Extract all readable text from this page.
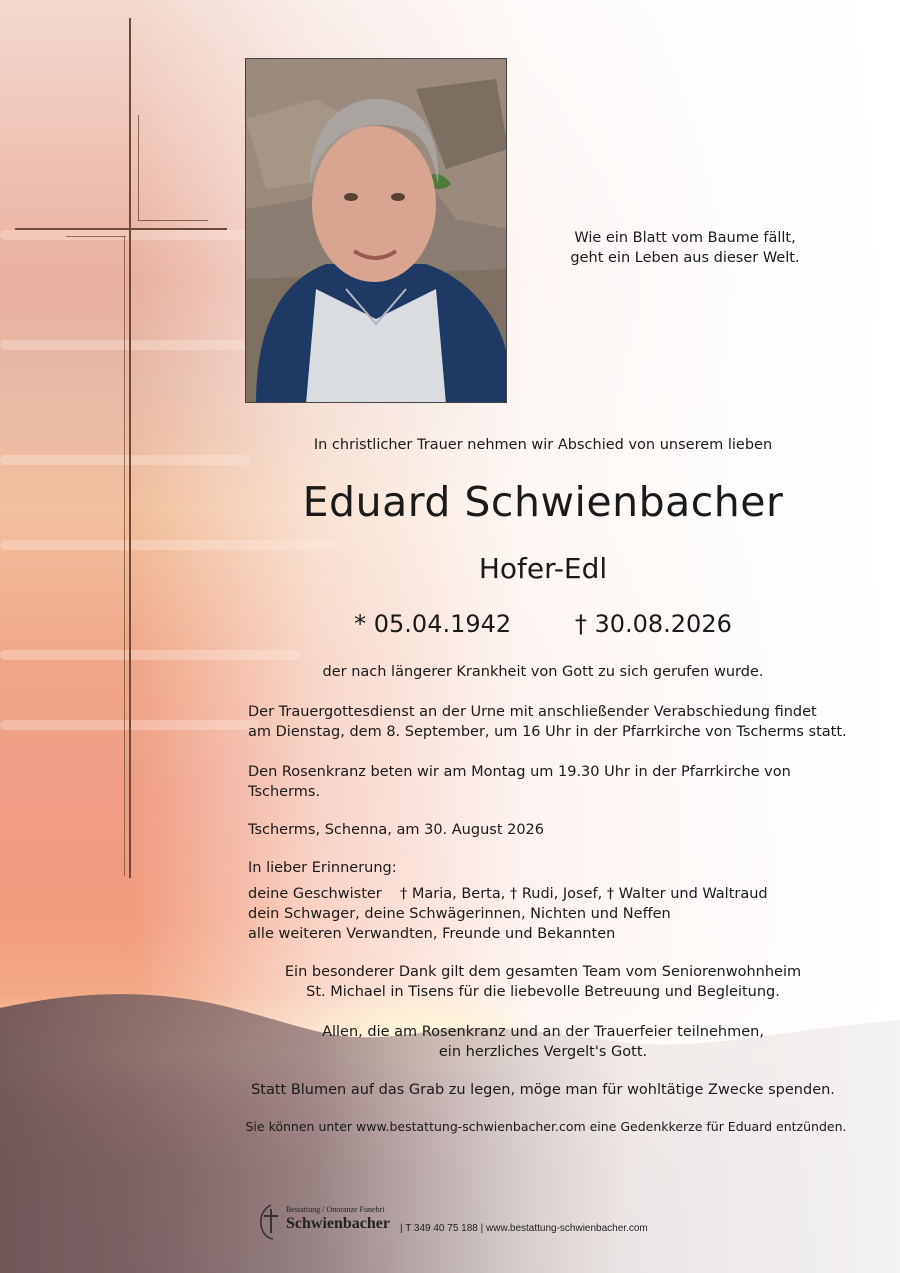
Wie ein Blatt vom Baume fällt,
geht ein Leben aus dieser Welt.
In christlicher Trauer nehmen wir Abschied von unserem lieben
Eduard Schwienbacher
Hofer-Edl
* 05.04.1942	† 30.08.2026
der nach längerer Krankheit von Gott zu sich gerufen wurde.
Der Trauergottesdienst an der Urne mit anschließender Verabschiedung findet
am Dienstag, dem 8. September, um 16 Uhr in der Pfarrkirche von Tscherms statt.
Den Rosenkranz beten wir am Montag um 19.30 Uhr in der Pfarrkirche von
Tscherms.
Tscherms, Schenna, am 30. August 2026
In lieber Erinnerung:
deine Geschwister	† Maria, Berta, † Rudi, Josef, † Walter und Waltraud
dein Schwager, deine Schwägerinnen, Nichten und Neffen
alle weiteren Verwandten, Freunde und Bekannten
Ein besonderer Dank gilt dem gesamten Team vom Seniorenwohnheim
St. Michael in Tisens für die liebevolle Betreuung und Begleitung.
Allen, die am Rosenkranz und an der Trauerfeier teilnehmen,
ein herzliches Vergelt's Gott.
Statt Blumen auf das Grab zu legen, möge man für wohltätige Zwecke spenden.
Sie können unter www.bestattung-schwienbacher.com eine Gedenkkerze für Eduard entzünden.
Bestattung / Onoranze Funebri
Schwienbacher | T 349 40 75 188 | www.bestattung-schwienbacher.com
